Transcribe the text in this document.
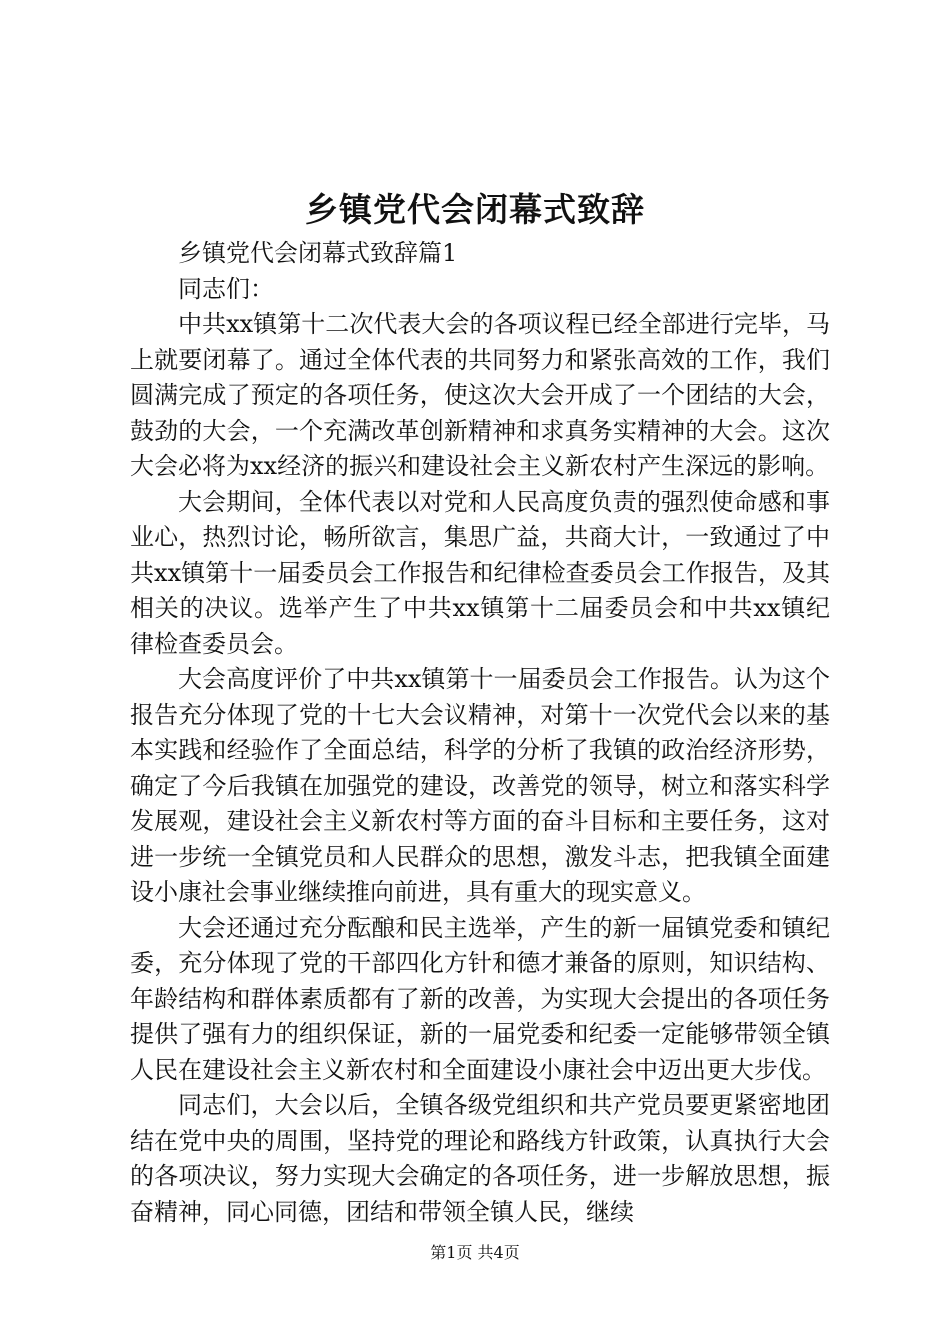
乡镇党代会闭幕式致辞

乡镇党代会闭幕式致辞篇1

同志们：

中共xx镇第十二次代表大会的各项议程已经全部进行完毕，马上就要闭幕了。通过全体代表的共同努力和紧张高效的工作，我们圆满完成了预定的各项任务，使这次大会开成了一个团结的大会，鼓劲的大会，一个充满改革创新精神和求真务实精神的大会。这次大会必将为xx经济的振兴和建设社会主义新农村产生深远的影响。

大会期间，全体代表以对党和人民高度负责的强烈使命感和事业心，热烈讨论，畅所欲言，集思广益，共商大计，一致通过了中共xx镇第十一届委员会工作报告和纪律检查委员会工作报告，及其相关的决议。选举产生了中共xx镇第十二届委员会和中共xx镇纪律检查委员会。

大会高度评价了中共xx镇第十一届委员会工作报告。认为这个报告充分体现了党的十七大会议精神，对第十一次党代会以来的基本实践和经验作了全面总结，科学的分析了我镇的政治经济形势，确定了今后我镇在加强党的建设，改善党的领导，树立和落实科学发展观，建设社会主义新农村等方面的奋斗目标和主要任务，这对进一步统一全镇党员和人民群众的思想，激发斗志，把我镇全面建设小康社会事业继续推向前进，具有重大的现实意义。

大会还通过充分酝酿和民主选举，产生的新一届镇党委和镇纪委，充分体现了党的干部四化方针和德才兼备的原则，知识结构、年龄结构和群体素质都有了新的改善，为实现大会提出的各项任务提供了强有力的组织保证，新的一届党委和纪委一定能够带领全镇人民在建设社会主义新农村和全面建设小康社会中迈出更大步伐。

同志们，大会以后，全镇各级党组织和共产党员要更紧密地团结在党中央的周围，坚持党的理论和路线方针政策，认真执行大会的各项决议，努力实现大会确定的各项任务，进一步解放思想，振奋精神，同心同德，团结和带领全镇人民，继续

第1页 共4页
